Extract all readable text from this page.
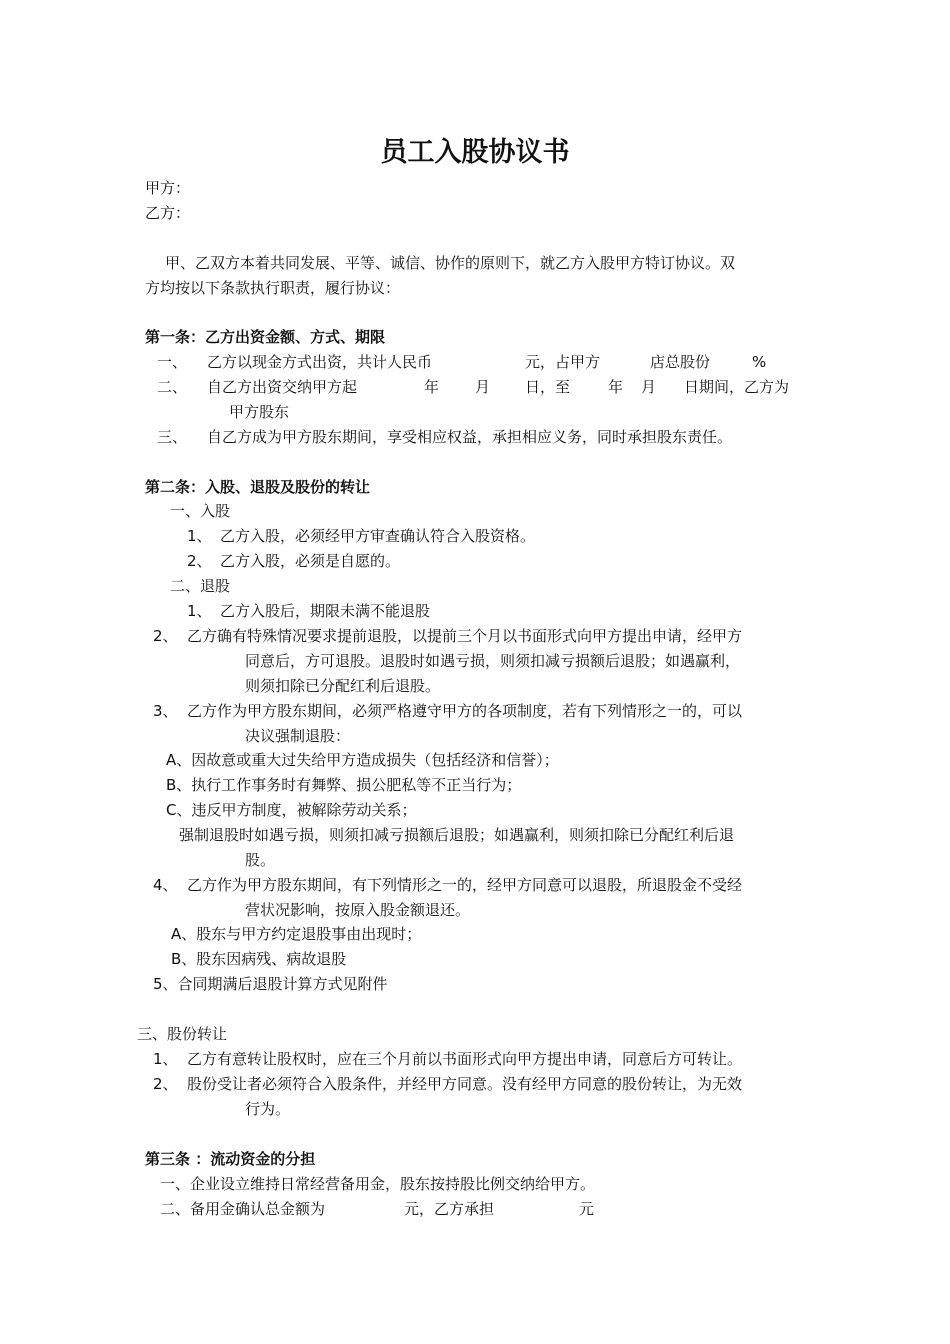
员工入股协议书
甲方：
乙方：
甲、乙双方本着共同发展、平等、诚信、协作的原则下，就乙方入股甲方特订协议。双
方均按以下条款执行职责，履行协议：
第一条：乙方出资金额、方式、期限
一、 乙方以现金方式出资，共计人民币	元，占甲方	店总股份	%
二、 自乙方出资交纳甲方起	年 月 日，至	年 月 日期间，乙方为
甲方股东
三、 自乙方成为甲方股东期间，享受相应权益，承担相应义务，同时承担股东责任。
第二条：入股、退股及股份的转让
一、入股
1、 乙方入股，必须经甲方审查确认符合入股资格。
2、 乙方入股，必须是自愿的。
二、退股
1、 乙方入股后，期限未满不能退股
2、 乙方确有特殊情况要求提前退股，以提前三个月以书面形式向甲方提出申请，经甲方
同意后，方可退股。退股时如遇亏损，则须扣减亏损额后退股；如遇赢利，
则须扣除已分配红利后退股。
3、 乙方作为甲方股东期间，必须严格遵守甲方的各项制度，若有下列情形之一的，可以
决议强制退股：
A、因故意或重大过失给甲方造成损失（包括经济和信誉）；
B、执行工作事务时有舞弊、损公肥私等不正当行为；
C、违反甲方制度，被解除劳动关系；
强制退股时如遇亏损，则须扣减亏损额后退股；如遇赢利，则须扣除已分配红利后退
股。
4、 乙方作为甲方股东期间，有下列情形之一的，经甲方同意可以退股，所退股金不受经
营状况影响，按原入股金额退还。
A、股东与甲方约定退股事由出现时；
B、股东因病残、病故退股
5、合同期满后退股计算方式见附件
三、股份转让
1、 乙方有意转让股权时，应在三个月前以书面形式向甲方提出申请，同意后方可转让。
2、 股份受让者必须符合入股条件，并经甲方同意。没有经甲方同意的股份转让，为无效
行为。
第三条 ：流动资金的分担
一、企业设立维持日常经营备用金，股东按持股比例交纳给甲方。
二、备用金确认总金额为	元，乙方承担	元
